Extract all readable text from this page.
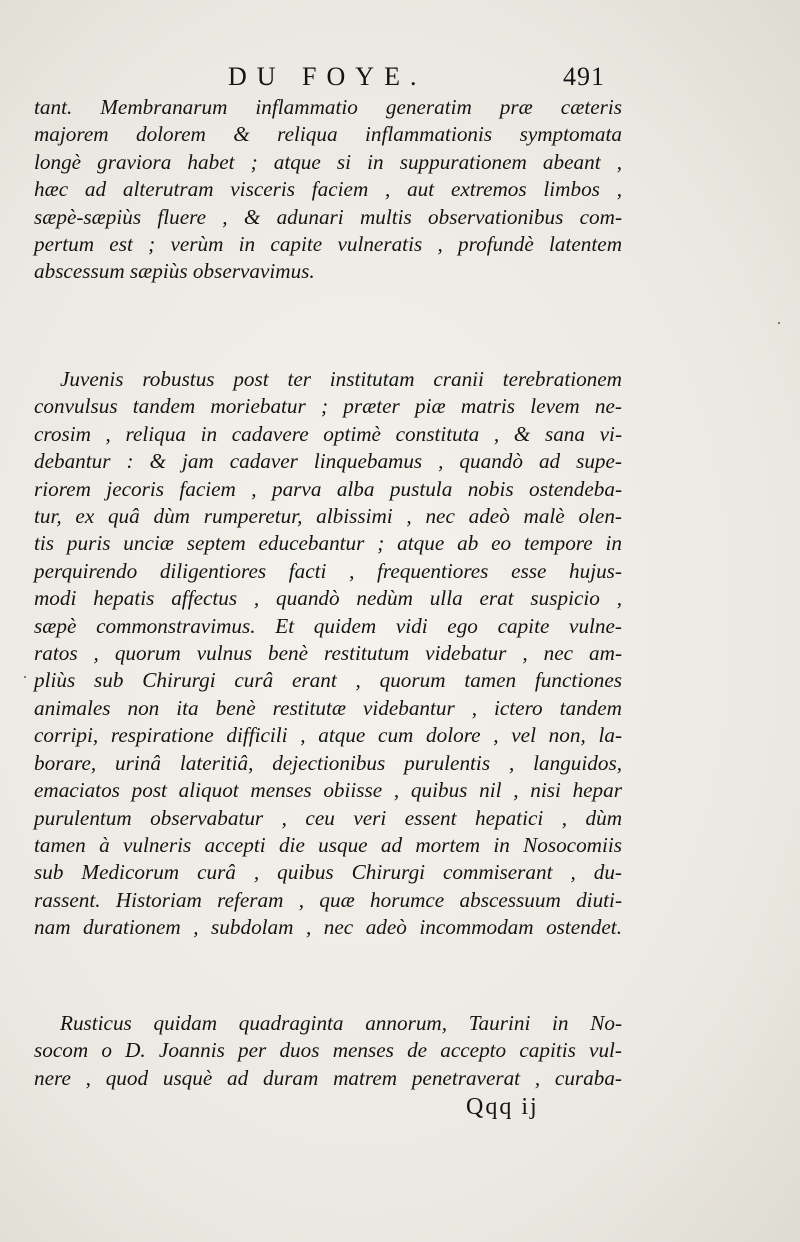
DU FOYE.	491
tant. Membranarum inflammatio generatim præ cæteris
majorem dolorem & reliqua inflammationis symptomata
longè graviora habet ; atque si in suppurationem abeant ,
hæc ad alterutram visceris faciem , aut extremos limbos ,
sæpè-sæpiùs fluere , & adunari multis observationibus com-
pertum est ; verùm in capite vulneratis , profundè latentem
abscessum sæpiùs observavimus.
Juvenis robustus post ter institutam cranii terebrationem
convulsus tandem moriebatur ; præter piæ matris levem ne-
crosim , reliqua in cadavere optimè constituta , & sana vi-
debantur : & jam cadaver linquebamus , quandò ad supe-
riorem jecoris faciem , parva alba pustula nobis ostendeba-
tur, ex quâ dùm rumperetur, albissimi , nec adeò malè olen-
tis puris unciæ septem educebantur ; atque ab eo tempore in
perquirendo diligentiores facti , frequentiores esse hujus-
modi hepatis affectus , quandò nedùm ulla erat suspicio ,
sæpè commonstravimus. Et quidem vidi ego capite vulne-
ratos , quorum vulnus benè restitutum videbatur , nec am-
pliùs sub Chirurgi curâ erant , quorum tamen functiones
animales non ita benè restitutæ videbantur , ictero tandem
corripi, respiratione difficili , atque cum dolore , vel non, la-
borare, urinâ lateritiâ, dejectionibus purulentis , languidos,
emaciatos post aliquot menses obiisse , quibus nil , nisi hepar
purulentum observabatur , ceu veri essent hepatici , dùm
tamen à vulneris accepti die usque ad mortem in Nosocomiis
sub Medicorum curâ , quibus Chirurgi commiserant , du-
rassent. Historiam referam , quæ horumce abscessuum diuti-
nam durationem , subdolam , nec adeò incommodam ostendet.
Rusticus quidam quadraginta annorum, Taurini in No-
socom o D. Joannis per duos menses de accepto capitis vul-
nere , quod usquè ad duram matrem penetraverat , curaba-
Qqq ij
